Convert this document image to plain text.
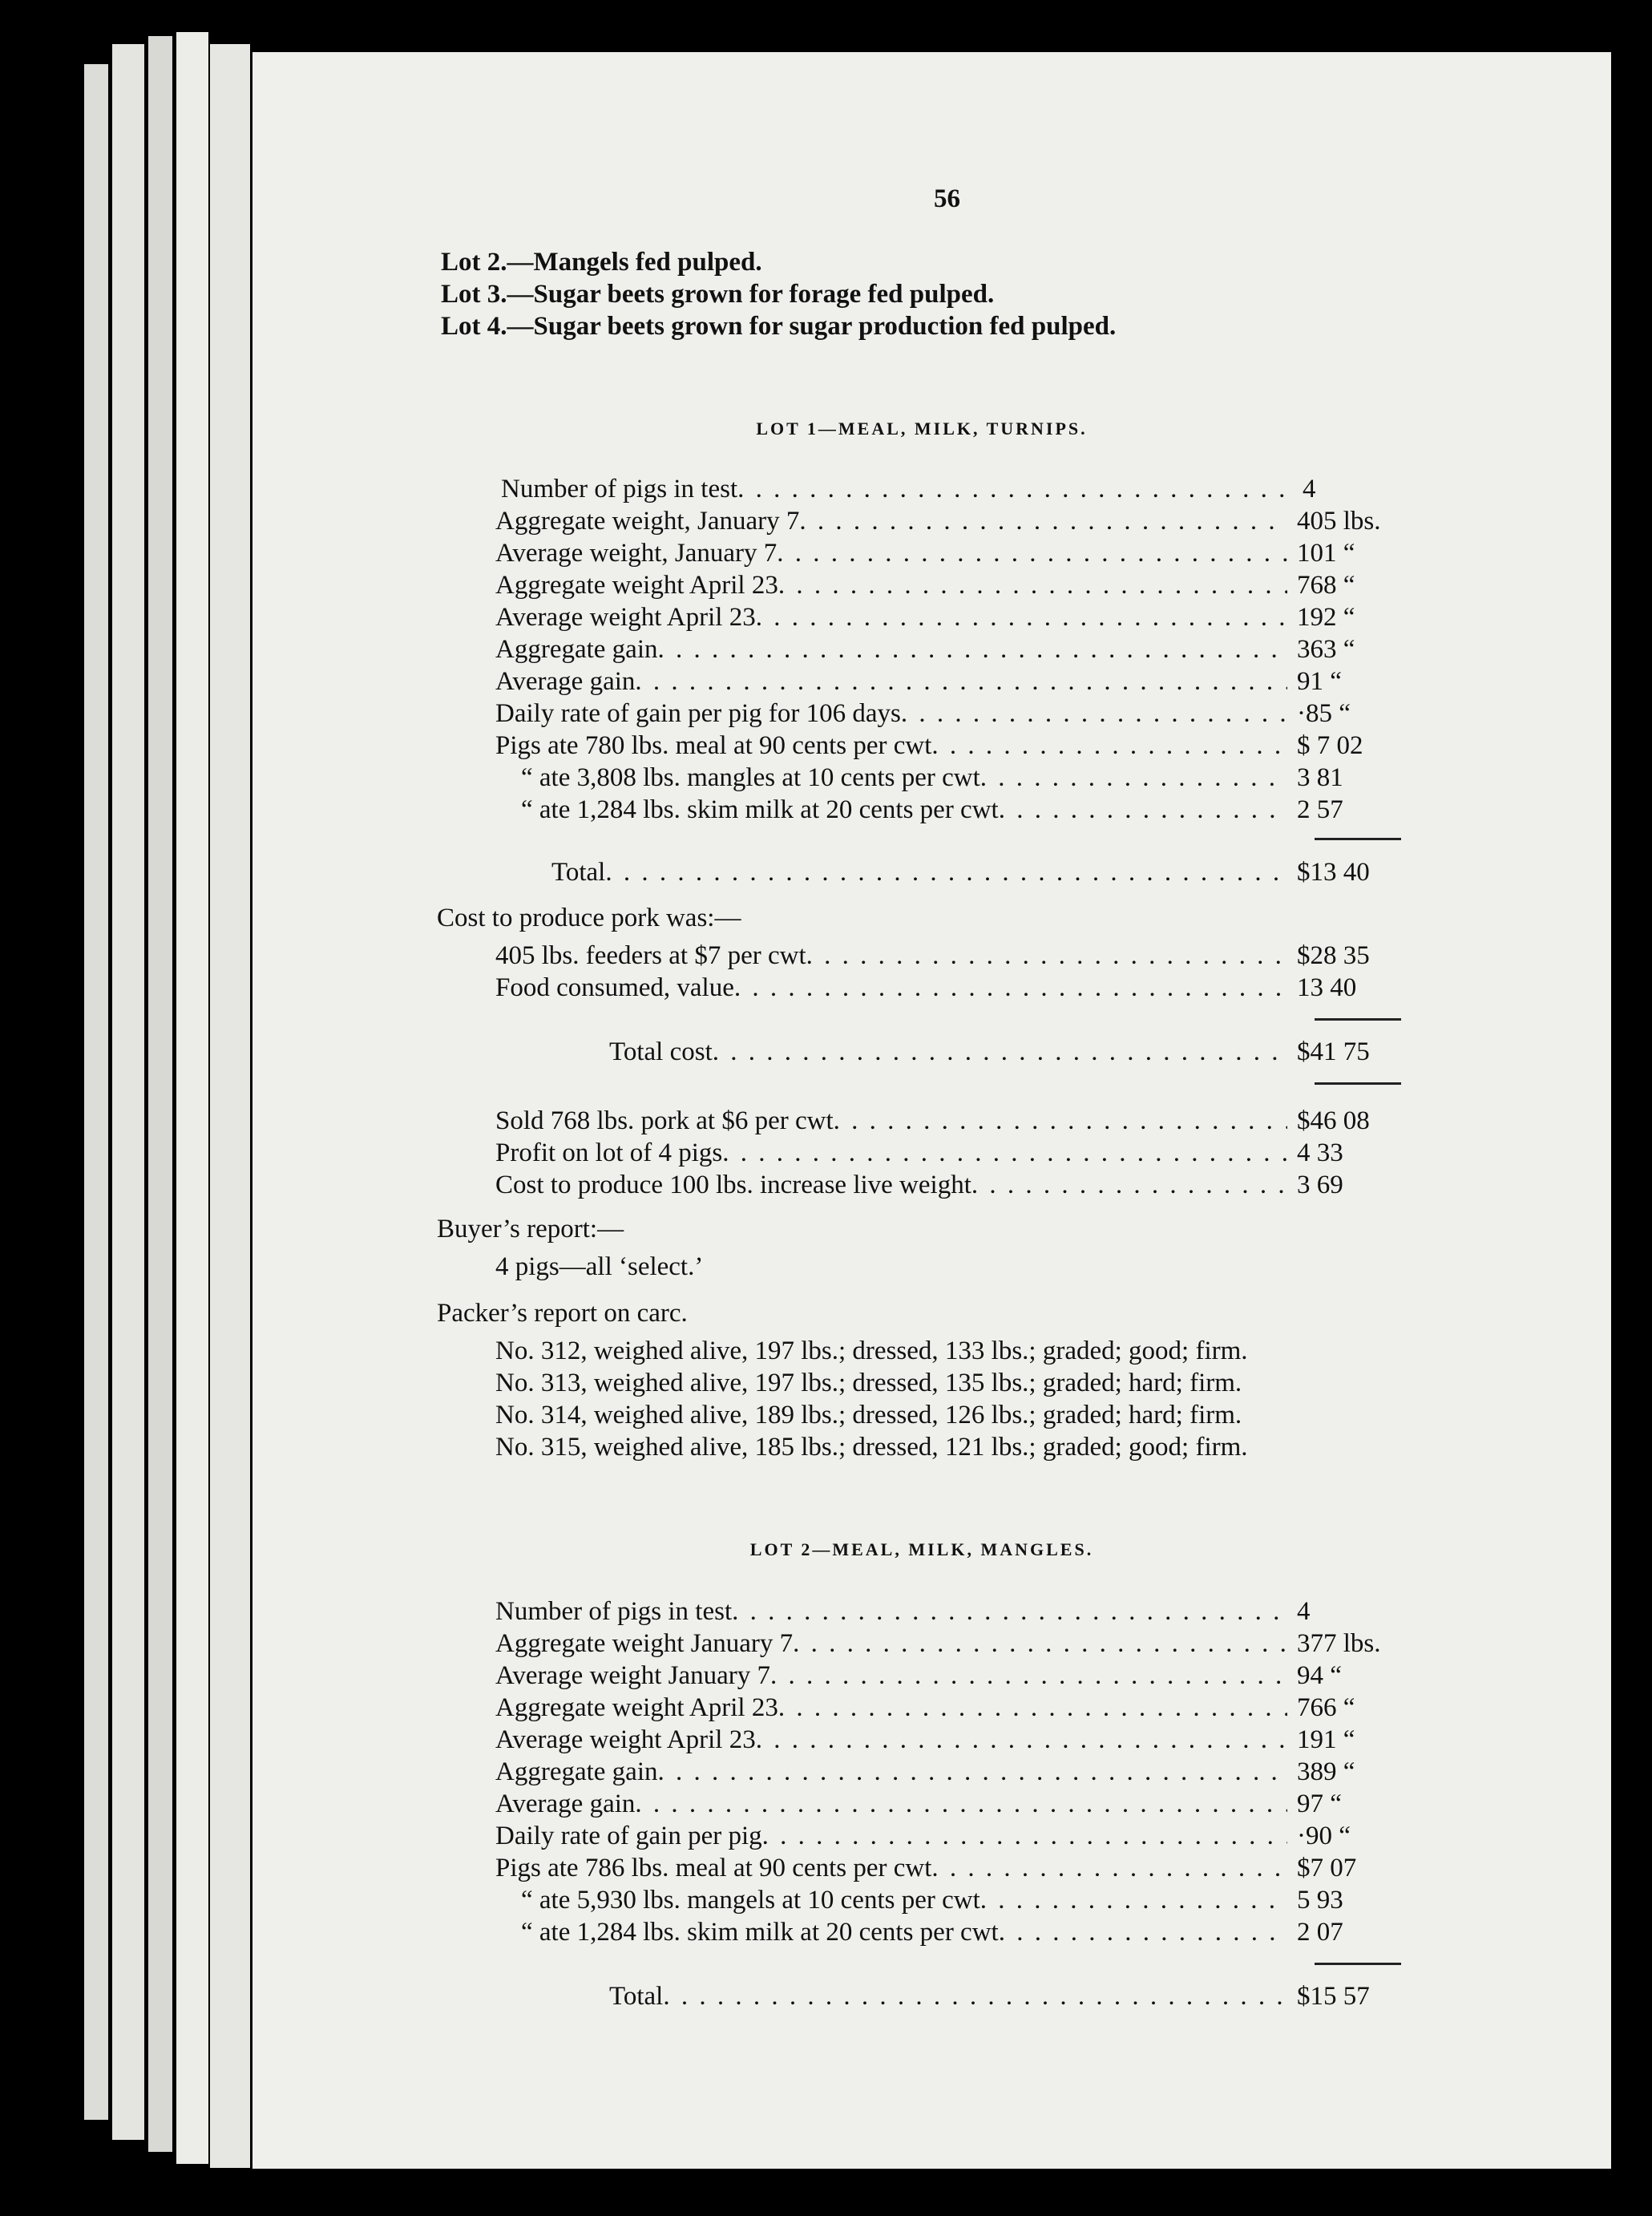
56
Lot 2.—Mangels fed pulped.
Lot 3.—Sugar beets grown for forage fed pulped.
Lot 4.—Sugar beets grown for sugar production fed pulped.
LOT 1—MEAL, MILK, TURNIPS.
Number of pigs in test . . .	4
Aggregate weight, January 7 . . .	405 lbs.
Average weight, January 7 . . .	101 “
Aggregate weight April 23 . . .	768 “
Average weight April 23 . . .	192 “
Aggregate gain . . .	363 “
Average gain . . .	91 “
Daily rate of gain per pig for 106 days . . .	·85 “
Pigs ate 780 lbs. meal at 90 cents per cwt . . .	$ 7 02
“ ate 3,808 lbs. mangles at 10 cents per cwt . . .	3 81
“ ate 1,284 lbs. skim milk at 20 cents per cwt . . .	2 57
Total . . .	$13 40
Cost to produce pork was:—
405 lbs. feeders at $7 per cwt . . .	$28 35
Food consumed, value . . .	13 40
Total cost . . .	$41 75
Sold 768 lbs. pork at $6 per cwt . . .	$46 08
Profit on lot of 4 pigs . . .	4 33
Cost to produce 100 lbs. increase live weight . . .	3 69
Buyer’s report:—
4 pigs—all ‘select.’
Packer’s report on carc.
No. 312, weighed alive, 197 lbs.; dressed, 133 lbs.; graded; good; firm.
No. 313, weighed alive, 197 lbs.; dressed, 135 lbs.; graded; hard; firm.
No. 314, weighed alive, 189 lbs.; dressed, 126 lbs.; graded; hard; firm.
No. 315, weighed alive, 185 lbs.; dressed, 121 lbs.; graded; good; firm.
LOT 2—MEAL, MILK, MANGLES.
Number of pigs in test . . .	4
Aggregate weight January 7 . . .	377 lbs.
Average weight January 7 . . .	94 “
Aggregate weight April 23 . . .	766 “
Average weight April 23 . . .	191 “
Aggregate gain . . .	389 “
Average gain . . .	97 “
Daily rate of gain per pig . . .	·90 “
Pigs ate 786 lbs. meal at 90 cents per cwt . . .	$7 07
“ ate 5,930 lbs. mangels at 10 cents per cwt . . .	5 93
“ ate 1,284 lbs. skim milk at 20 cents per cwt . . .	2 07
Total . . .	$15 57
